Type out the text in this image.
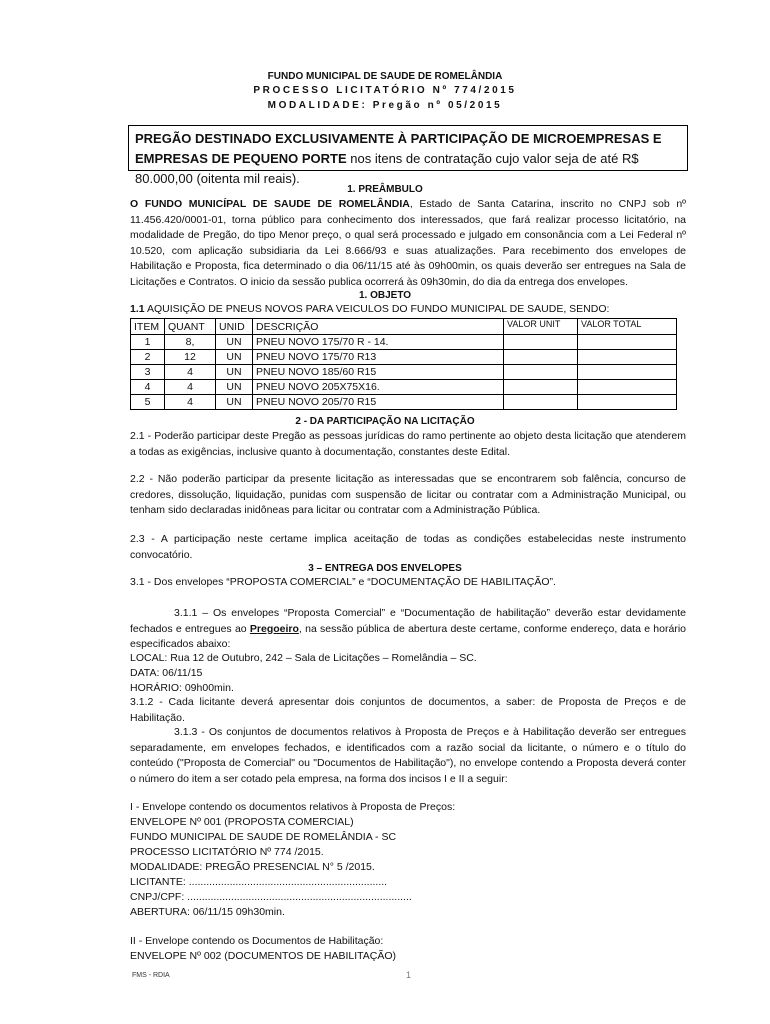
FUNDO MUNICIPAL DE SAUDE DE ROMELÂNDIA
PROCESSO LICITATÓRIO Nº 774/2015
MODALIDADE: Pregão nº 05/2015
PREGÃO DESTINADO EXCLUSIVAMENTE À PARTICIPAÇÃO DE MICROEMPRESAS E EMPRESAS DE PEQUENO PORTE nos itens de contratação cujo valor seja de até R$ 80.000,00 (oitenta mil reais).
1. PREÂMBULO
O FUNDO MUNICÍPAL DE SAUDE DE ROMELÂNDIA, Estado de Santa Catarina, inscrito no CNPJ sob nº 11.456.420/0001-01, torna público para conhecimento dos interessados, que fará realizar processo licitatório, na modalidade de Pregão, do tipo Menor preço, o qual será processado e julgado em consonância com a Lei Federal nº 10.520, com aplicação subsidiaria da Lei 8.666/93 e suas atualizações. Para recebimento dos envelopes de Habilitação e Proposta, fica determinado o dia 06/11/15 até às 09h00min, os quais deverão ser entregues na Sala de Licitações e Contratos. O inicio da sessão publica ocorrerá às 09h30min, do dia da entrega dos envelopes.
1. OBJETO
1.1 AQUISIÇÃO DE PNEUS NOVOS PARA VEICULOS DO FUNDO MUNICIPAL DE SAUDE, SENDO:
ITEM	QUANT	UNID	DESCRIÇÃO	VALOR UNIT	VALOR TOTAL
1	8,	UN	PNEU NOVO 175/70 R - 14.		
2	12	UN	PNEU NOVO 175/70 R13		
3	4	UN	PNEU NOVO 185/60 R15		
4	4	UN	PNEU NOVO 205X75X16.		
5	4	UN	PNEU NOVO 205/70 R15		
2 - DA PARTICIPAÇÃO NA LICITAÇÃO
2.1 - Poderão participar deste Pregão as pessoas jurídicas do ramo pertinente ao objeto desta licitação que atenderem a todas as exigências, inclusive quanto à documentação, constantes deste Edital.
2.2 - Não poderão participar da presente licitação as interessadas que se encontrarem sob falência, concurso de credores, dissolução, liquidação, punidas com suspensão de licitar ou contratar com a Administração Municipal, ou tenham sido declaradas inidôneas para licitar ou contratar com a Administração Pública.
2.3 - A participação neste certame implica aceitação de todas as condições estabelecidas neste instrumento convocatório.
3 – ENTREGA DOS ENVELOPES
3.1 - Dos envelopes “PROPOSTA COMERCIAL” e “DOCUMENTAÇÃO DE HABILITAÇÃO”.
3.1.1 – Os envelopes “Proposta Comercial” e “Documentação de habilitação” deverão estar devidamente fechados e entregues ao Pregoeiro, na sessão pública de abertura deste certame, conforme endereço, data e horário especificados abaixo:
LOCAL: Rua 12 de Outubro, 242 – Sala de Licitações – Romelândia – SC.
DATA: 06/11/15
HORÁRIO: 09h00min.
3.1.2 - Cada licitante deverá apresentar dois conjuntos de documentos, a saber: de Proposta de Preços e de Habilitação.
3.1.3 - Os conjuntos de documentos relativos à Proposta de Preços e à Habilitação deverão ser entregues separadamente, em envelopes fechados, e identificados com a razão social da licitante, o número e o título do conteúdo ("Proposta de Comercial" ou "Documentos de Habilitação"), no envelope contendo a Proposta deverá conter o número do item a ser cotado pela empresa, na forma dos incisos I e II a seguir:
I - Envelope contendo os documentos relativos à Proposta de Preços:
ENVELOPE Nº 001 (PROPOSTA COMERCIAL)
FUNDO MUNICIPAL DE SAUDE DE ROMELÂNDIA - SC
PROCESSO LICITATÓRIO Nº 774 /2015.
MODALIDADE: PREGÃO PRESENCIAL N° 5 /2015.
LICITANTE: ....................................................................
CNPJ/CPF: .............................................................................
ABERTURA: 06/11/15 09h30min.
II - Envelope contendo os Documentos de Habilitação:
ENVELOPE Nº 002 (DOCUMENTOS DE HABILITAÇÃO)
FMS - RDIA	1
